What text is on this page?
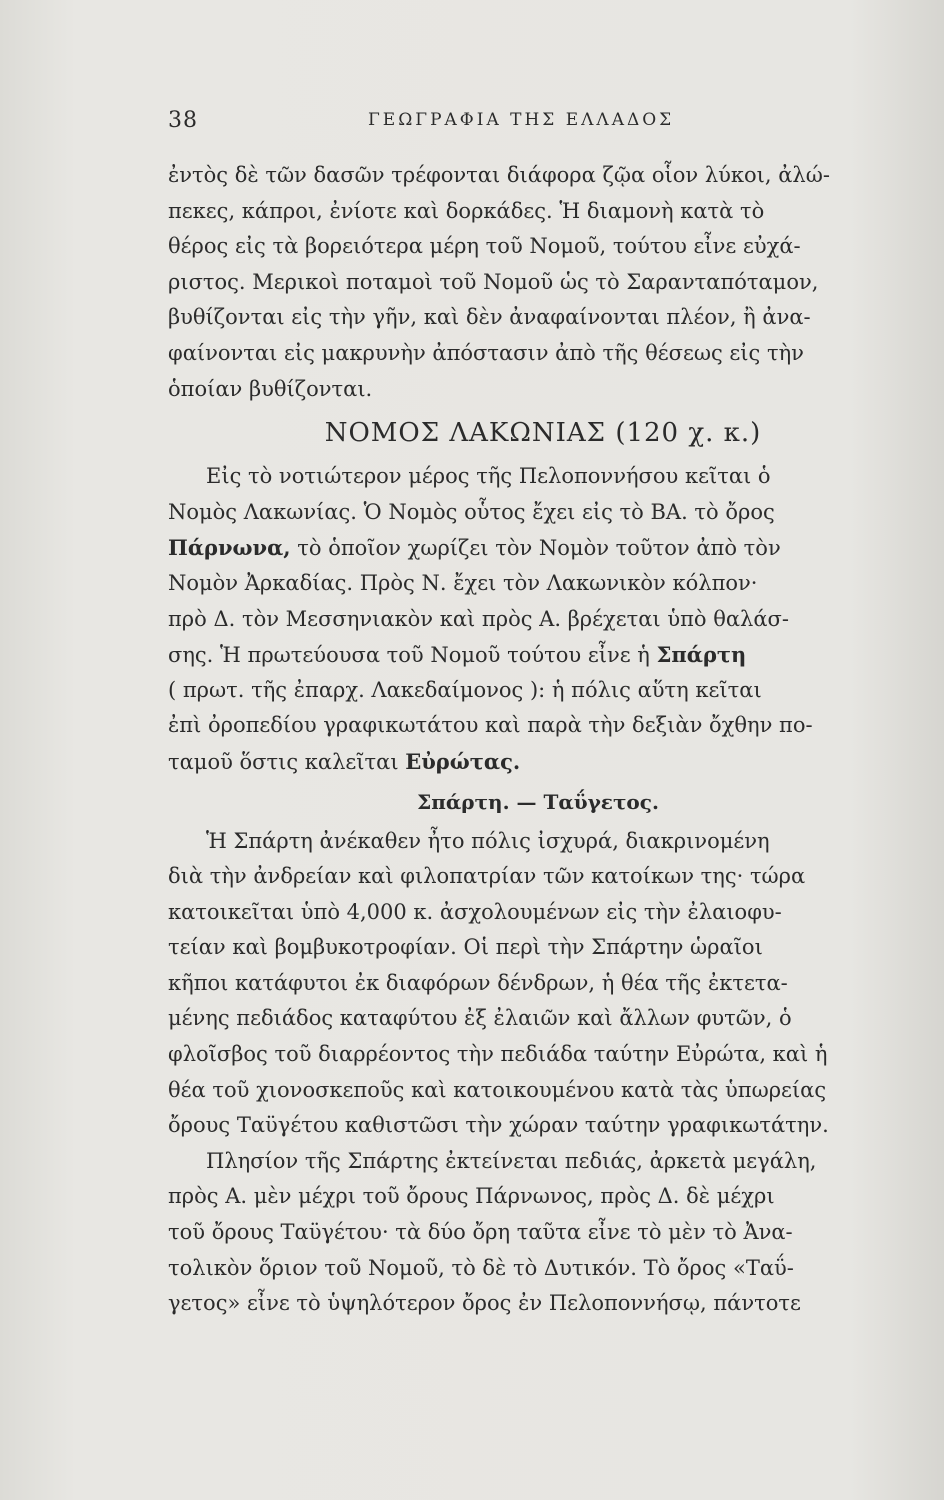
38	ΓΕΩΓΡΑΦΙΑ ΤΗΣ ΕΛΛΑΔΟΣ
ἐντὸς δὲ τῶν δασῶν τρέφονται διάφορα ζῷα οἷον λύκοι, ἀλώ-
πεκες, κάπροι, ἐνίοτε καὶ δορκάδες. Ἡ διαμονὴ κατὰ τὸ
θέρος εἰς τὰ βορειότερα μέρη τοῦ Νομοῦ, τούτου εἶνε εὐχά-
ριστος. Μερικοὶ ποταμοὶ τοῦ Νομοῦ ὡς τὸ Σαρανταπόταμον,
βυθίζονται εἰς τὴν γῆν, καὶ δὲν ἀναφαίνονται πλέον, ἢ ἀνα-
φαίνονται εἰς μακρυνὴν ἀπόστασιν ἀπὸ τῆς θέσεως εἰς τὴν
ὁποίαν βυθίζονται.
ΝΟΜΟΣ ΛΑΚΩΝΙΑΣ (120 χ. κ.)
Εἰς τὸ νοτιώτερον μέρος τῆς Πελοποννήσου κεῖται ὁ
Νομὸς Λακωνίας. Ὁ Νομὸς οὗτος ἔχει εἰς τὸ ΒΑ. τὸ ὄρος
Πάρνωνα, τὸ ὁποῖον χωρίζει τὸν Νομὸν τοῦτον ἀπὸ τὸν
Νομὸν Ἀρκαδίας. Πρὸς Ν. ἔχει τὸν Λακωνικὸν κόλπον·
πρὸ Δ. τὸν Μεσσηνιακὸν καὶ πρὸς Α. βρέχεται ὑπὸ θαλάσ-
σης. Ἡ πρωτεύουσα τοῦ Νομοῦ τούτου εἶνε ἡ Σπάρτη
( πρωτ. τῆς ἐπαρχ. Λακεδαίμονος ): ἡ πόλις αὕτη κεῖται
ἐπὶ ὀροπεδίου γραφικωτάτου καὶ παρὰ τὴν δεξιὰν ὄχθην πο-
ταμοῦ ὅστις καλεῖται Εὐρώτας.
Σπάρτη. — Ταΰγετος.
Ἡ Σπάρτη ἀνέκαθεν ἦτο πόλις ἰσχυρά, διακρινομένη
διὰ τὴν ἀνδρείαν καὶ φιλοπατρίαν τῶν κατοίκων της· τώρα
κατοικεῖται ὑπὸ 4,000 κ. ἀσχολουμένων εἰς τὴν ἐλαιοφυ-
τείαν καὶ βομβυκοτροφίαν. Οἱ περὶ τὴν Σπάρτην ὡραῖοι
κῆποι κατάφυτοι ἐκ διαφόρων δένδρων, ἡ θέα τῆς ἐκτετα-
μένης πεδιάδος καταφύτου ἐξ ἐλαιῶν καὶ ἄλλων φυτῶν, ὁ
φλοῖσβος τοῦ διαρρέοντος τὴν πεδιάδα ταύτην Εὐρώτα, καὶ ἡ
θέα τοῦ χιονοσκεποῦς καὶ κατοικουμένου κατὰ τὰς ὑπωρείας
ὄρους Ταϋγέτου καθιστῶσι τὴν χώραν ταύτην γραφικωτάτην.
Πλησίον τῆς Σπάρτης ἐκτείνεται πεδιάς, ἀρκετὰ μεγάλη,
πρὸς Α. μὲν μέχρι τοῦ ὄρους Πάρνωνος, πρὸς Δ. δὲ μέχρι
τοῦ ὄρους Ταϋγέτου· τὰ δύο ὄρη ταῦτα εἶνε τὸ μὲν τὸ Ἀνα-
τολικὸν ὅριον τοῦ Νομοῦ, τὸ δὲ τὸ Δυτικόν. Τὸ ὄρος «Ταΰ-
γετος» εἶνε τὸ ὑψηλότερον ὄρος ἐν Πελοποννήσῳ, πάντοτε
